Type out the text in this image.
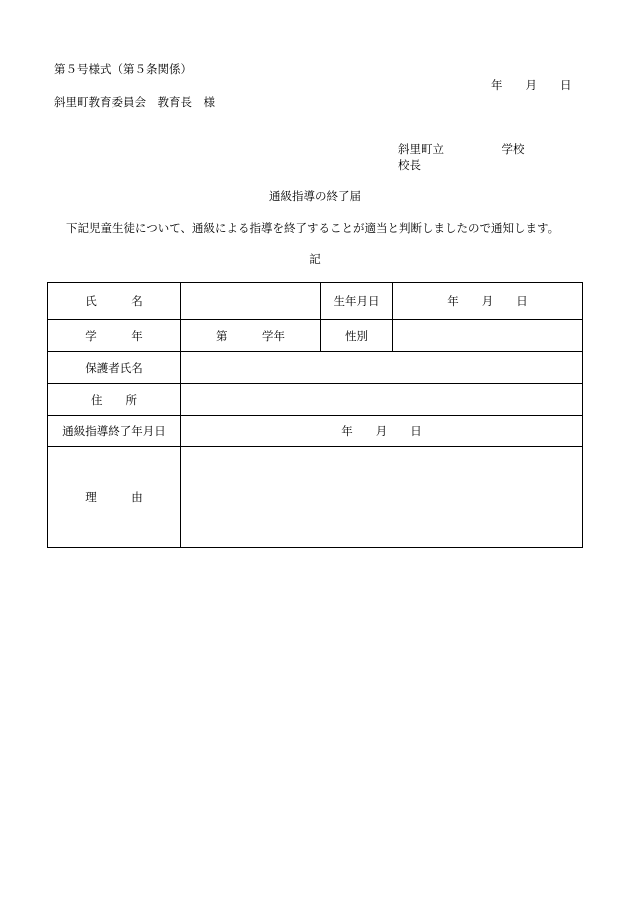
第５号様式（第５条関係）
年　　月　　日
斜里町教育委員会　教育長　様
斜里町立　　　　　学校
校長
通級指導の終了届
下記児童生徒について、通級による指導を終了することが適当と判断しましたので通知します。
記
氏　　　名		生年月日	年　　月　　日
学　　　年	第　　　学年	性別	
保護者氏名			
住　　所			
通級指導終了年月日	年　　月　　日		
理　　　由			
